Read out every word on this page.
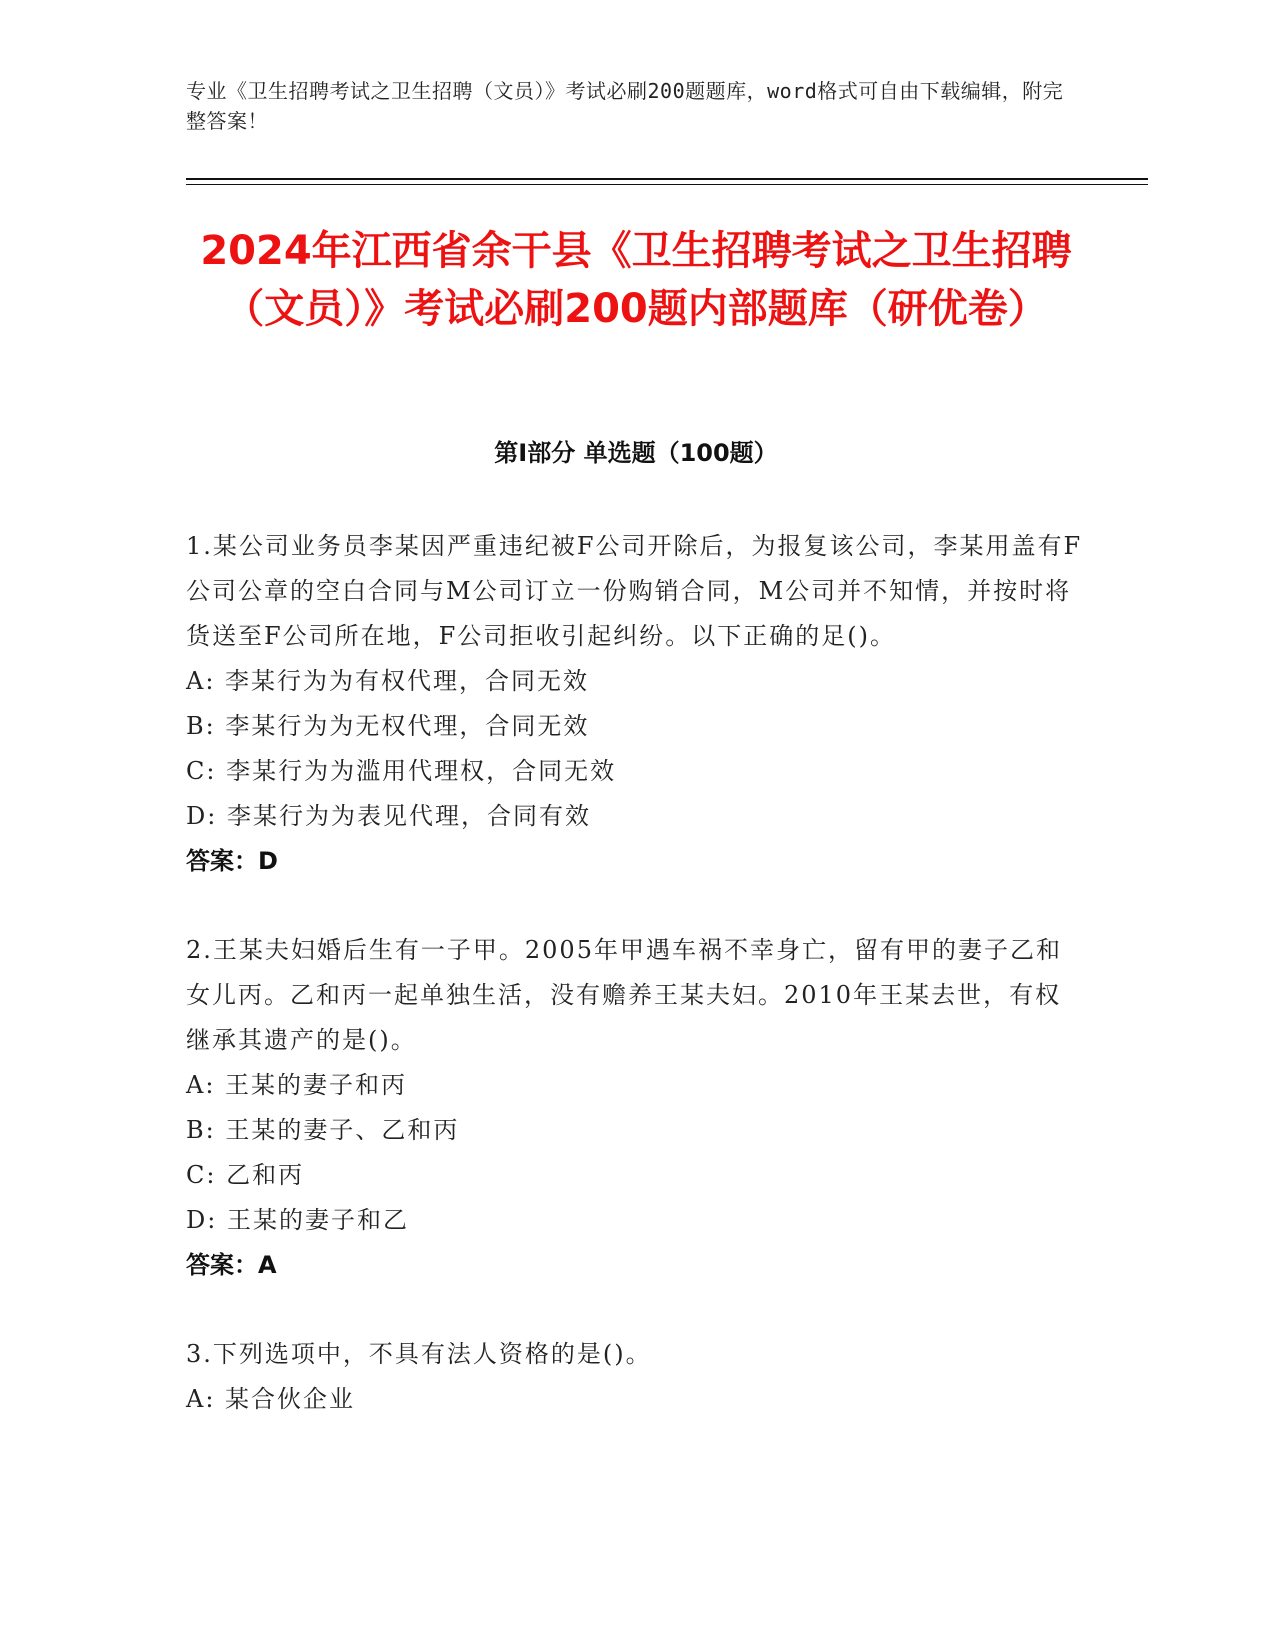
专业《卫生招聘考试之卫生招聘（文员）》考试必刷200题题库，word格式可自由下载编辑，附完整答案！
2024年江西省余干县《卫生招聘考试之卫生招聘（文员）》考试必刷200题内部题库（研优卷）
第Ⅰ部分 单选题（100题）
1.某公司业务员李某因严重违纪被F公司开除后，为报复该公司，李某用盖有F公司公章的空白合同与M公司订立一份购销合同，M公司并不知情，并按时将货送至F公司所在地，F公司拒收引起纠纷。以下正确的足()。
A: 李某行为为有权代理，合同无效
B: 李某行为为无权代理，合同无效
C: 李某行为为滥用代理权，合同无效
D: 李某行为为表见代理，合同有效
答案：D
2.王某夫妇婚后生有一子甲。2005年甲遇车祸不幸身亡，留有甲的妻子乙和女儿丙。乙和丙一起单独生活，没有赡养王某夫妇。2010年王某去世，有权继承其遗产的是()。
A: 王某的妻子和丙
B: 王某的妻子、乙和丙
C: 乙和丙
D: 王某的妻子和乙
答案：A
3.下列选项中，不具有法人资格的是()。
A: 某合伙企业
